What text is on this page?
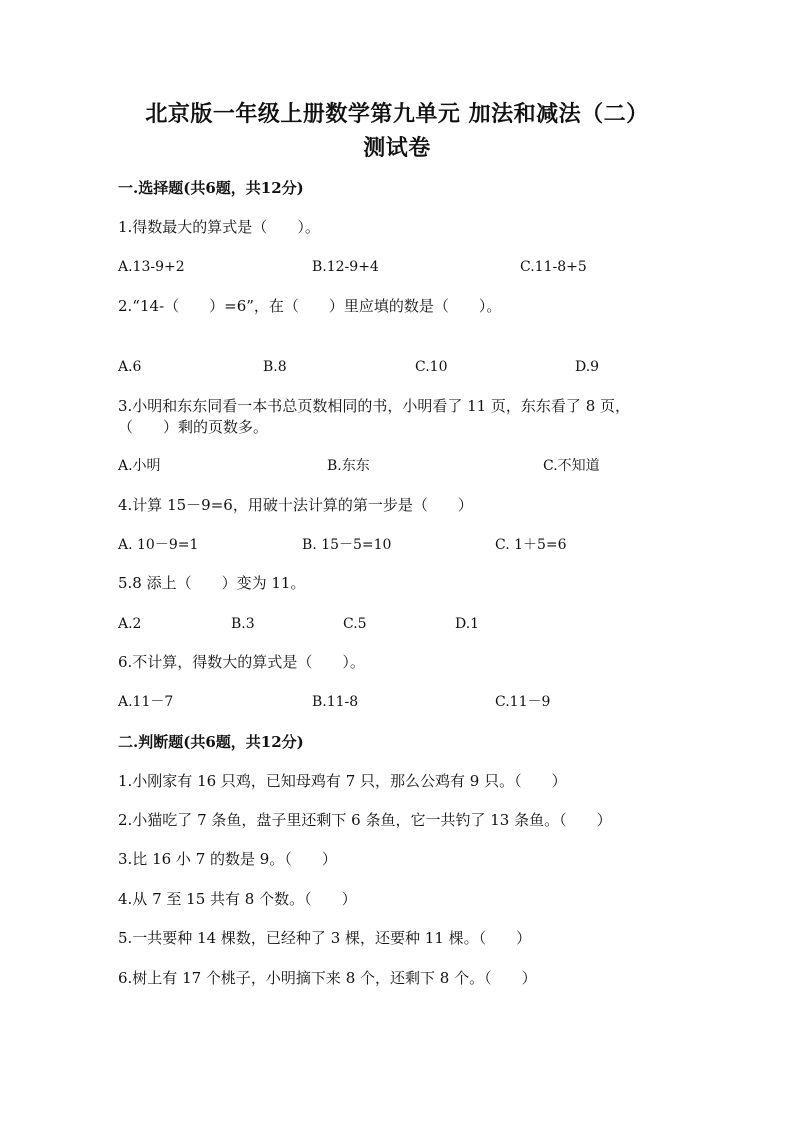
北京版一年级上册数学第九单元 加法和减法（二）
测试卷
一.选择题(共6题，共12分)
1.得数最大的算式是（　　）。
A.13-9+2	B.12-9+4	C.11-8+5
2.“14-（　　）=6”，在（　　）里应填的数是（　　）。
A.6	B.8	C.10	D.9
3.小明和东东同看一本书总页数相同的书，小明看了 11 页，东东看了 8 页，
（　　）剩的页数多。
A.小明	B.东东	C.不知道
4.计算 15－9=6，用破十法计算的第一步是（　　）
A. 10－9=1	B. 15－5=10	C. 1＋5=6
5.8 添上（　　）变为 11。
A.2	B.3	C.5	D.1
6.不计算，得数大的算式是（　　）。
A.11－7	B.11-8	C.11－9
二.判断题(共6题，共12分)
1.小刚家有 16 只鸡，已知母鸡有 7 只，那么公鸡有 9 只。（　　）
2.小猫吃了 7 条鱼，盘子里还剩下 6 条鱼，它一共钓了 13 条鱼。（　　）
3.比 16 小 7 的数是 9。（　　）
4.从 7 至 15 共有 8 个数。（　　）
5.一共要种 14 棵数，已经种了 3 棵，还要种 11 棵。（　　）
6.树上有 17 个桃子，小明摘下来 8 个，还剩下 8 个。（　　）
